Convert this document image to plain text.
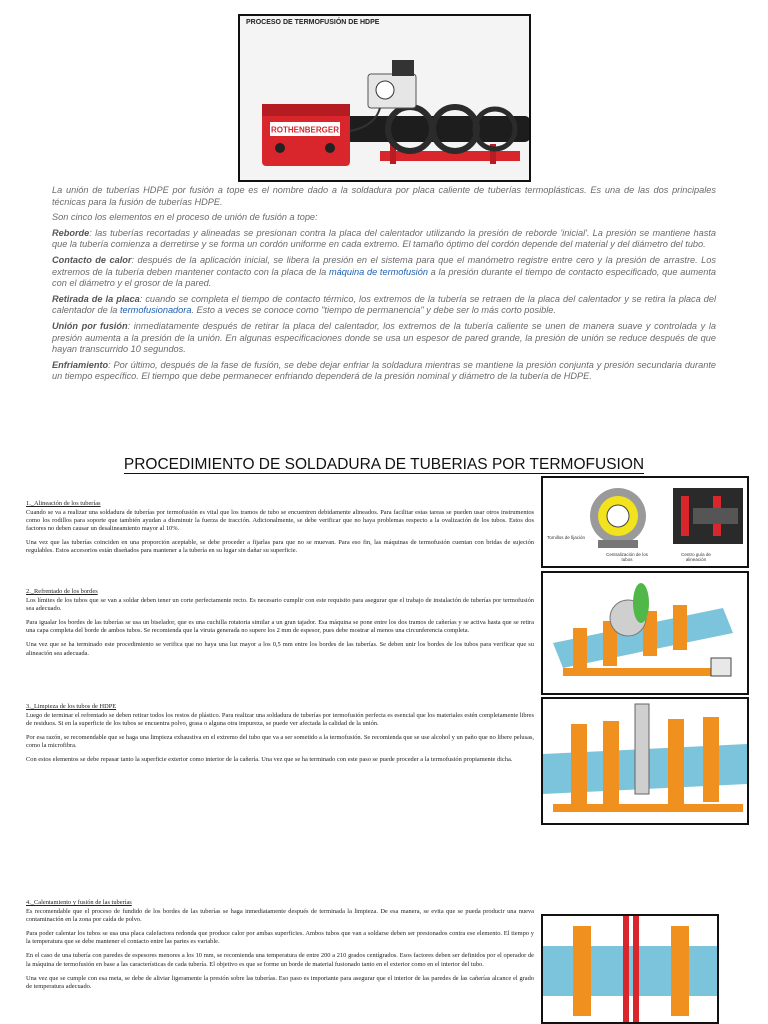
PROCESO DE TERMOFUSIÓN DE HDPE
ROTHENBERGER

La unión de tuberías HDPE por fusión a tope es el nombre dado a la soldadura por placa caliente de tuberías termoplásticas. Es una de las dos principales técnicas para la fusión de tuberías HDPE.

Son cinco los elementos en el proceso de unión de fusión a tope:

Reborde: las tuberías recortadas y alineadas se presionan contra la placa del calentador utilizando la presión de reborde 'inicial'. La presión se mantiene hasta que la tubería comienza a derretirse y se forma un cordón uniforme en cada extremo. El tamaño óptimo del cordón depende del material y del diámetro del tubo.

Contacto de calor: después de la aplicación inicial, se libera la presión en el sistema para que el manómetro registre entre cero y la presión de arrastre. Los extremos de la tubería deben mantener contacto con la placa de la máquina de termofusión a la presión durante el tiempo de contacto especificado, que aumenta con el diámetro y el grosor de la pared.

Retirada de la placa: cuando se completa el tiempo de contacto térmico, los extremos de la tubería se retraen de la placa del calentador y se retira la placa del calentador de la termofusionadora. Esto a veces se conoce como "tiempo de permanencia" y debe ser lo más corto posible.

Unión por fusión: inmediatamente después de retirar la placa del calentador, los extremos de la tubería caliente se unen de manera suave y controlada y la presión aumenta a la presión de la unión. En algunas especificaciones donde se usa un espesor de pared grande, la presión de unión se reduce después de que hayan transcurrido 10 segundos.

Enfriamiento: Por último, después de la fase de fusión, se debe dejar enfriar la soldadura mientras se mantiene la presión conjunta y presión secundaria durante un tiempo específico. El tiempo que debe permanecer enfriando dependerá de la presión nominal y diámetro de la tubería de HDPE.

PROCEDIMIENTO DE SOLDADURA DE TUBERIAS POR TERMOFUSION
1._Alineación de los tuberías

Cuando se va a realizar una soldadura de tuberías por termofusión es vital que los tramos de tubo se encuentren debidamente alineados. Para facilitar estas tareas se pueden usar otros instrumentos como los rodillos para soporte que también ayudan a disminuir la fuerza de tracción. Adicionalmente, se debe verificar que no haya problemas respecto a la ovalización de los tubos. Estos dos factores no deben causar un desalineamiento mayor al 10%.

Una vez que las tuberías coinciden en una proporción aceptable, se debe proceder a fijarlas para que no se muevan. Para eso fin, las máquinas de termofusión cuentan con bridas de sujeción regulables. Estos accesorios están diseñados para mantener a la tubería en su lugar sin dañar su superficie.

2._Refrentado de los bordes

Los límites de los tubos que se van a soldar deben tener un corte perfectamente recto. Es necesario cumplir con este requisito para asegurar que el trabajo de instalación de tuberías por termofusión sea adecuado.

Para igualar los bordes de las tuberías se usa un biselador, que es una cuchilla rotatoria similar a un gran tajador. Esa máquina se pone entre los dos tramos de cañerías y se activa hasta que se retira una capa completa del borde de ambos tubos. Se recomienda que la viruta generada no supere los 2 mm de espesor, pues debe mostrar al menos una circunferencia completa.

Una vez que se ha terminado este procedimiento se verifica que no haya una luz mayor a los 0,5 mm entre los bordes de las tuberías. Se deben unir los bordes de los tubos para verificar que su alineación sea adecuada.

3._Limpieza de los tubos de HDPE

Luego de terminar el refrentado se deben retirar todos los restos de plástico. Para realizar una soldadura de tuberías por termofusión perfecta es esencial que los materiales estén completamente libres de residuos. Si en la superficie de los tubos se encuentra polvo, grasa o alguna otra impureza, se puede ver afectada la calidad de la unión.

Por esa razón, se recomendable que se haga una limpieza exhaustiva en el extremo del tubo que va a ser sometido a la termofusión. Se recomienda que se use alcohol y un paño que no libere pelusas, como la microfibra.

Con estos elementos se debe repasar tanto la superficie exterior como interior de la cañería. Una vez que se ha terminado con este paso se puede proceder a la termofusión propiamente dicha.

4._Calentamiento y fusión de las tuberías

Es recomendable que el proceso de fundido de los bordes de las tuberías se haga inmediatamente después de terminada la limpieza. De esa manera, se evita que se pueda producir una nueva contaminación en la zona por caída de polvo.

Para poder calentar los tubos se usa una placa calefactora redonda que produce calor por ambas superficies. Ambos tubos que van a soldarse deben ser presionados contra ese elemento. El tiempo y la temperatura que se debe mantener el contacto entre las partes es variable.

En el caso de una tubería con paredes de espesores menores a los 10 mm, se recomienda una temperatura de entre 200 a 210 grados centígrados. Esos factores deben ser definidos por el operador de la máquina de termofusión en base a las características de cada tubería. El objetivo es que se forme un borde de material fusionado tanto en el exterior como en el interior del tubo.

Una vez que se cumple con esa meta, se debe de aliviar ligeramente la presión sobre las tuberías. Eso paso es importante para asegurar que el interior de las paredes de las cañerías alcance el grado de temperatura adecuado.

Tornillos de fijación
Centralización de los tubos
Centro guía de alineación
